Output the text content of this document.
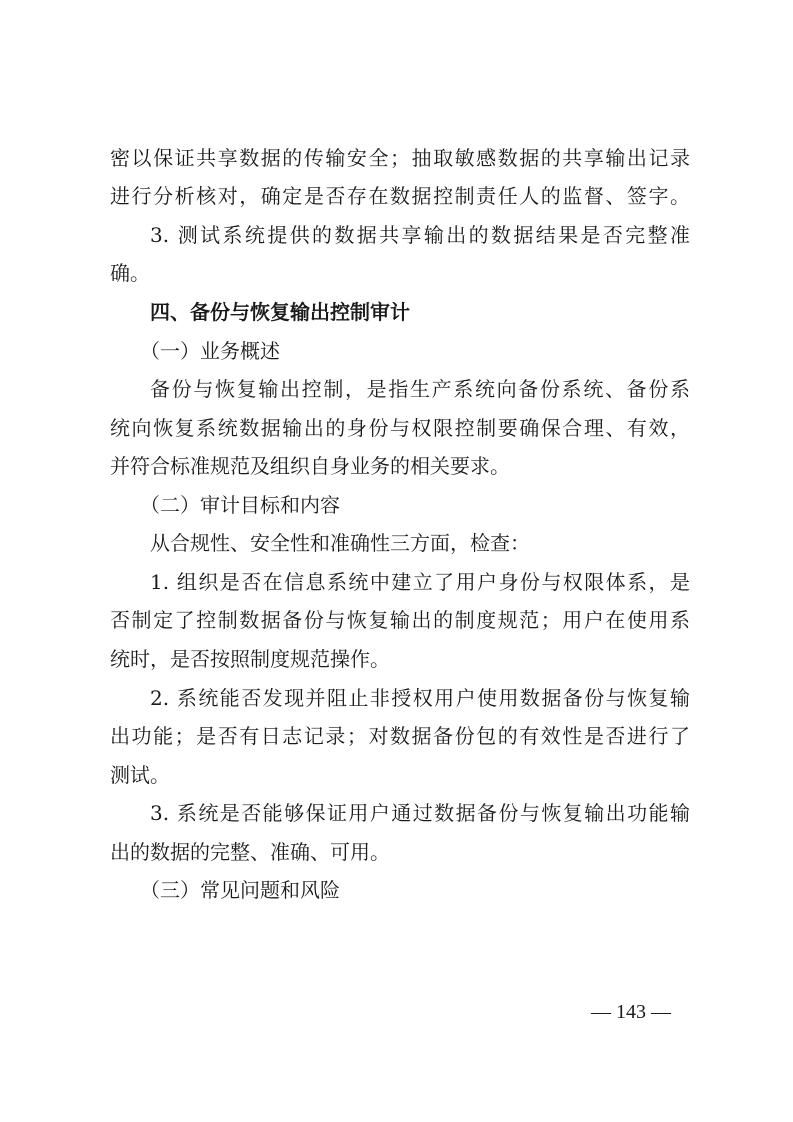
密以保证共享数据的传输安全；抽取敏感数据的共享输出记录
进行分析核对，确定是否存在数据控制责任人的监督、签字。
3. 测试系统提供的数据共享输出的数据结果是否完整准
确。
四、备份与恢复输出控制审计
（一）业务概述
备份与恢复输出控制，是指生产系统向备份系统、备份系
统向恢复系统数据输出的身份与权限控制要确保合理、有效，
并符合标准规范及组织自身业务的相关要求。
（二）审计目标和内容
从合规性、安全性和准确性三方面，检查：
1. 组织是否在信息系统中建立了用户身份与权限体系，是
否制定了控制数据备份与恢复输出的制度规范；用户在使用系
统时，是否按照制度规范操作。
2. 系统能否发现并阻止非授权用户使用数据备份与恢复输
出功能；是否有日志记录；对数据备份包的有效性是否进行了
测试。
3. 系统是否能够保证用户通过数据备份与恢复输出功能输
出的数据的完整、准确、可用。
（三）常见问题和风险
— 143 —
